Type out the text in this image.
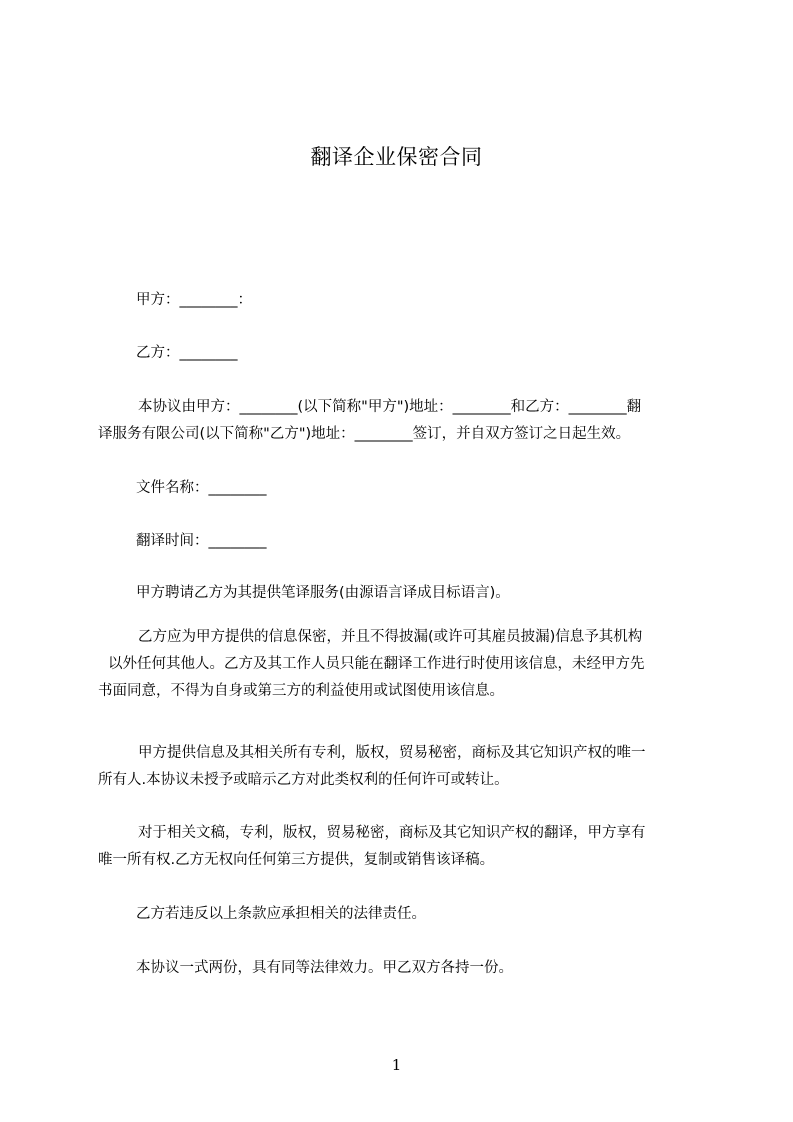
翻译企业保密合同
甲方：________：
乙方：________
本协议由甲方：________(以下简称"甲方")地址：________和乙方：________翻
译服务有限公司(以下简称"乙方")地址：________签订，并自双方签订之日起生效。
文件名称：________
翻译时间：________
甲方聘请乙方为其提供笔译服务(由源语言译成目标语言)。
乙方应为甲方提供的信息保密，并且不得披漏(或许可其雇员披漏)信息予其机构
以外任何其他人。乙方及其工作人员只能在翻译工作进行时使用该信息，未经甲方先
书面同意，不得为自身或第三方的利益使用或试图使用该信息。
甲方提供信息及其相关所有专利，版权，贸易秘密，商标及其它知识产权的唯一
所有人.本协议未授予或暗示乙方对此类权利的任何许可或转让。
对于相关文稿，专利，版权，贸易秘密，商标及其它知识产权的翻译，甲方享有
唯一所有权.乙方无权向任何第三方提供，复制或销售该译稿。
乙方若违反以上条款应承担相关的法律责任。
本协议一式两份，具有同等法律效力。甲乙双方各持一份。
1
